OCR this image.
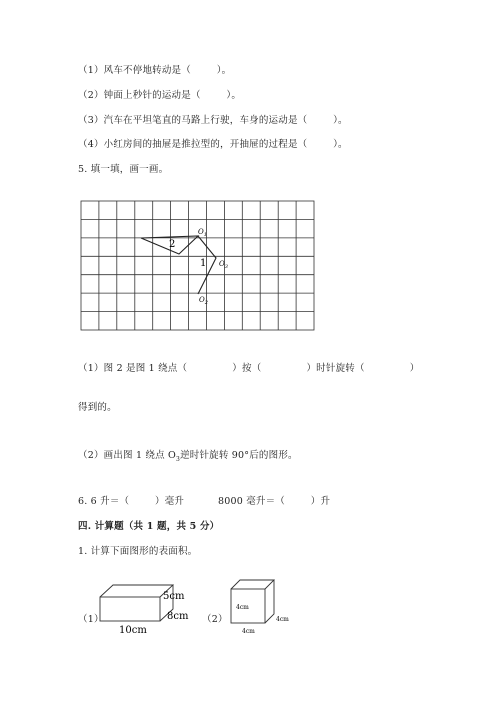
（1）风车不停地转动是（        ）。
（2）钟面上秒针的运动是（        ）。
（3）汽车在平坦笔直的马路上行驶，车身的运动是（        ）。
（4）小红房间的抽屉是推拉型的，开抽屉的过程是（        ）。
5. 填一填，画一画。
2
1
$O_1$
$O_3$
$O_2$
（1）图 2 是图 1 绕点（              ）按（              ）时针旋转（              ）
得到的。
（2）画出图 1 绕点 $O_3$逆时针旋转 90°后的图形。
6. 6 升＝（        ）毫升	8000 毫升＝（        ）升
四. 计算题（共 1 题，共 5 分）
1. 计算下面图形的表面积。
（1）
5cm
8cm
10cm
（2）
4cm
4cm
4cm
